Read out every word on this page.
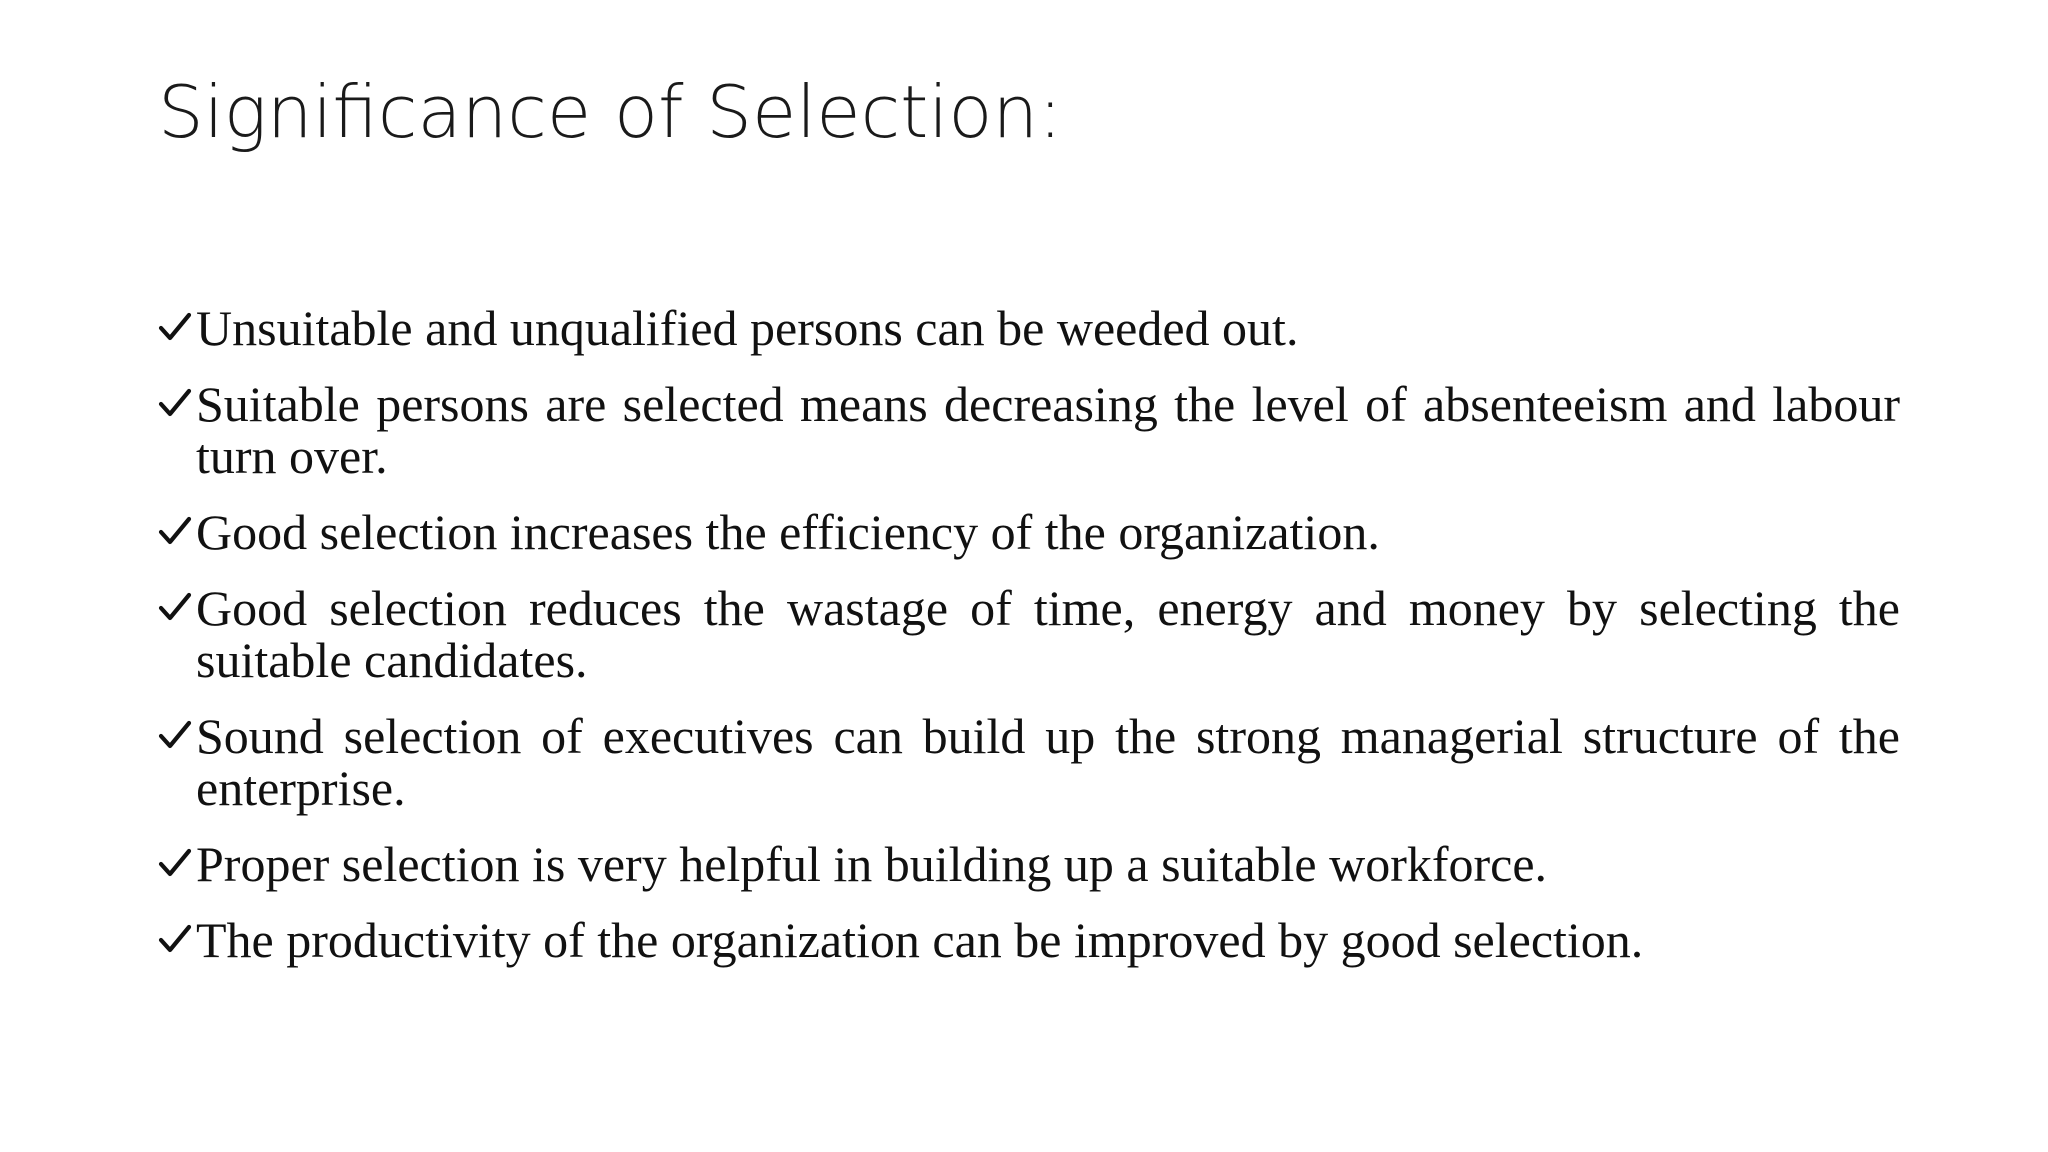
Significance of Selection:
Unsuitable and unqualified persons can be weeded out.
Suitable persons are selected means decreasing the level of absenteeism and labour turn over.
Good selection increases the efficiency of the organization.
Good selection reduces the wastage of time, energy and money by selecting the suitable candidates.
Sound selection of executives can build up the strong managerial structure of the enterprise.
Proper selection is very helpful in building up a suitable workforce.
The productivity of the organization can be improved by good selection.
